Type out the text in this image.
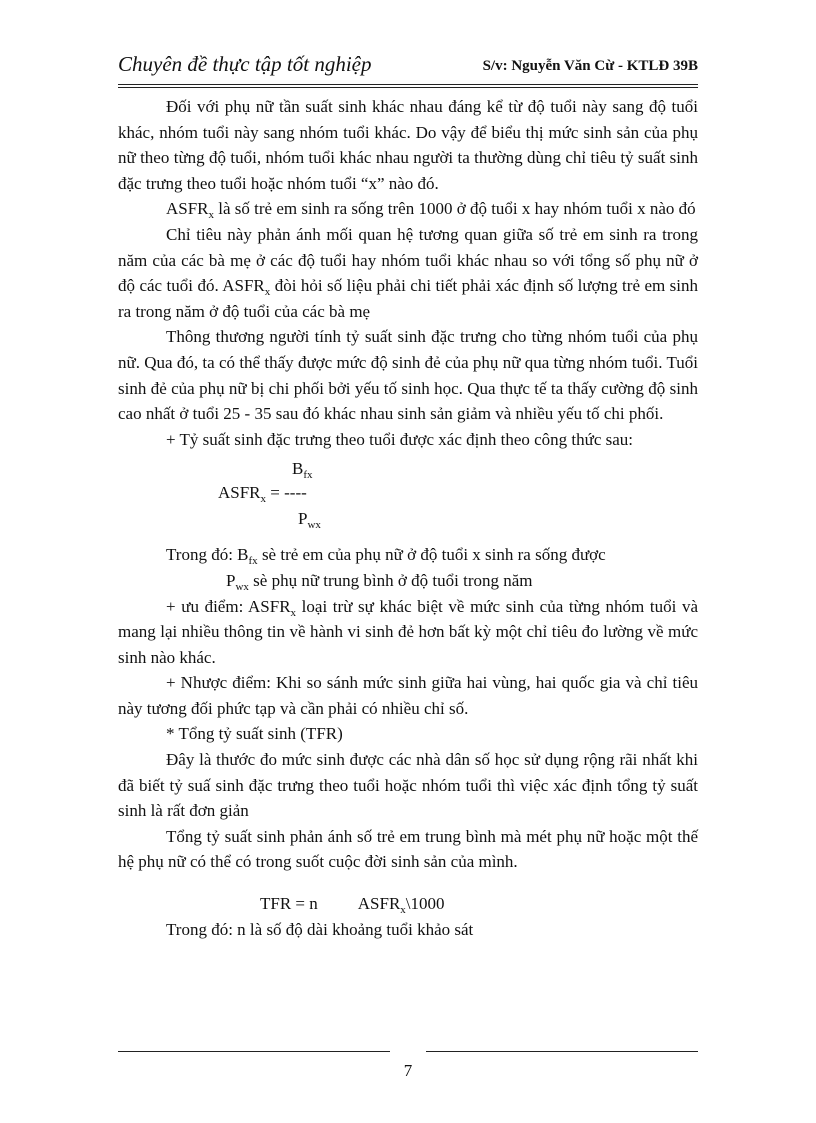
Chuyên đề thực tập tốt nghiệp	S/v: Nguyễn Văn Cừ - KTLĐ 39B

Đối với phụ nữ tần suất sinh khác nhau đáng kể từ độ tuổi này sang độ tuổi khác, nhóm tuổi này sang nhóm tuổi khác. Do vậy để biểu thị mức sinh sản của phụ nữ theo từng độ tuổi, nhóm tuổi khác nhau người ta thường dùng chỉ tiêu tỷ suất sinh đặc trưng theo tuổi hoặc nhóm tuổi “x” nào đó.

$ASFR_x$ là số trẻ em sinh ra sống trên 1000 ở độ tuổi x hay nhóm tuổi x nào đó

Chỉ tiêu này phản ánh mối quan hệ tương quan giữa số trẻ em sinh ra trong năm của các bà mẹ ở các độ tuổi hay nhóm tuổi khác nhau so với tổng số phụ nữ ở độ các tuổi đó. $ASFR_x$ đòi hỏi số liệu phải chi tiết phải xác định số lượng trẻ em sinh ra trong năm ở độ tuổi của các bà mẹ

Thông thương người tính tỷ suất sinh đặc trưng cho từng nhóm tuổi của phụ nữ. Qua đó, ta có thể thấy được mức độ sinh đẻ của phụ nữ qua từng nhóm tuổi. Tuổi sinh đẻ của phụ nữ bị chi phối bởi yếu tố sinh học. Qua thực tế ta thấy cường độ sinh cao nhất ở tuổi 25 - 35 sau đó khác nhau sinh sản giảm và nhiều yếu tố chi phối.

+ Tỷ suất sinh đặc trưng theo tuổi được xác định theo công thức sau:

$B_{fx}$
$ASFR_x$ = ----
$P_{wx}$

Trong đó: $B_{fx}$ sè trẻ em của phụ nữ ở độ tuổi x sinh ra sống được

$P_{wx}$ sè phụ nữ trung bình ở độ tuổi trong năm

+ ưu điểm: $ASFR_x$ loại trừ sự khác biệt về mức sinh của từng nhóm tuổi và mang lại nhiều thông tin về hành vi sinh đẻ hơn bất kỳ một chỉ tiêu đo lường về mức sinh nào khác.

+ Nhược điểm: Khi so sánh mức sinh giữa hai vùng, hai quốc gia và chỉ tiêu này tương đối phức tạp và cần phải có nhiều chỉ số.

* Tổng tỷ suất sinh (TFR)

Đây là thước đo mức sinh được các nhà dân số học sử dụng rộng rãi nhất khi đã biết tỷ suấ sinh đặc trưng theo tuổi hoặc nhóm tuổi thì việc xác định tổng tỷ suất sinh là rất đơn giản

Tổng tỷ suất sinh phản ánh số trẻ em trung bình mà mét phụ nữ hoặc một thế hệ phụ nữ có thể có trong suốt cuộc đời sinh sản của mình.

TFR = n $ASFR_x\backslash 1000$

Trong đó: n là số độ dài khoảng tuổi khảo sát

7
